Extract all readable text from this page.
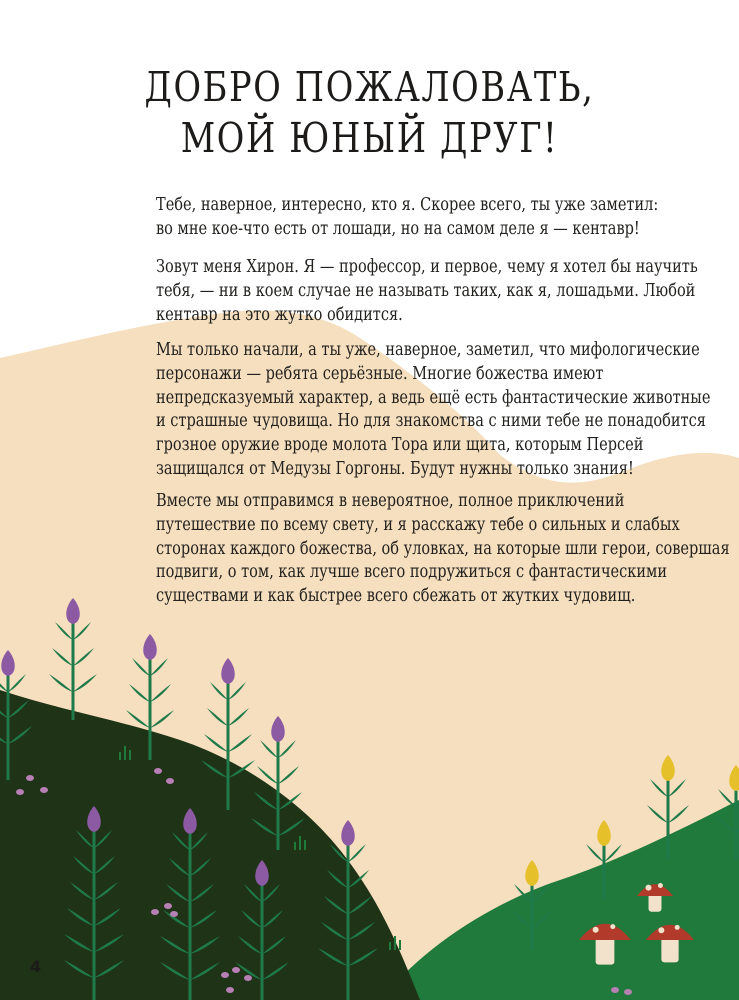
ДОБРО ПОЖАЛОВАТЬ,
МОЙ ЮНЫЙ ДРУГ!

Тебе, наверное, интересно, кто я. Скорее всего, ты уже заметил:
во мне кое-что есть от лошади, но на самом деле я — кентавр!

Зовут меня Хирон. Я — профессор, и первое, чему я хотел бы научить
тебя, — ни в коем случае не называть таких, как я, лошадьми. Любой
кентавр на это жутко обидится.

Мы только начали, а ты уже, наверное, заметил, что мифологические
персонажи — ребята серьёзные. Многие божества имеют
непредсказуемый характер, а ведь ещё есть фантастические животные
и страшные чудовища. Но для знакомства с ними тебе не понадобится
грозное оружие вроде молота Тора или щита, которым Персей
защищался от Медузы Горгоны. Будут нужны только знания!

Вместе мы отправимся в невероятное, полное приключений
путешествие по всему свету, и я расскажу тебе о сильных и слабых
сторонах каждого божества, об уловках, на которые шли герои, совершая
подвиги, о том, как лучше всего подружиться с фантастическими
существами и как быстрее всего сбежать от жутких чудовищ.

4
